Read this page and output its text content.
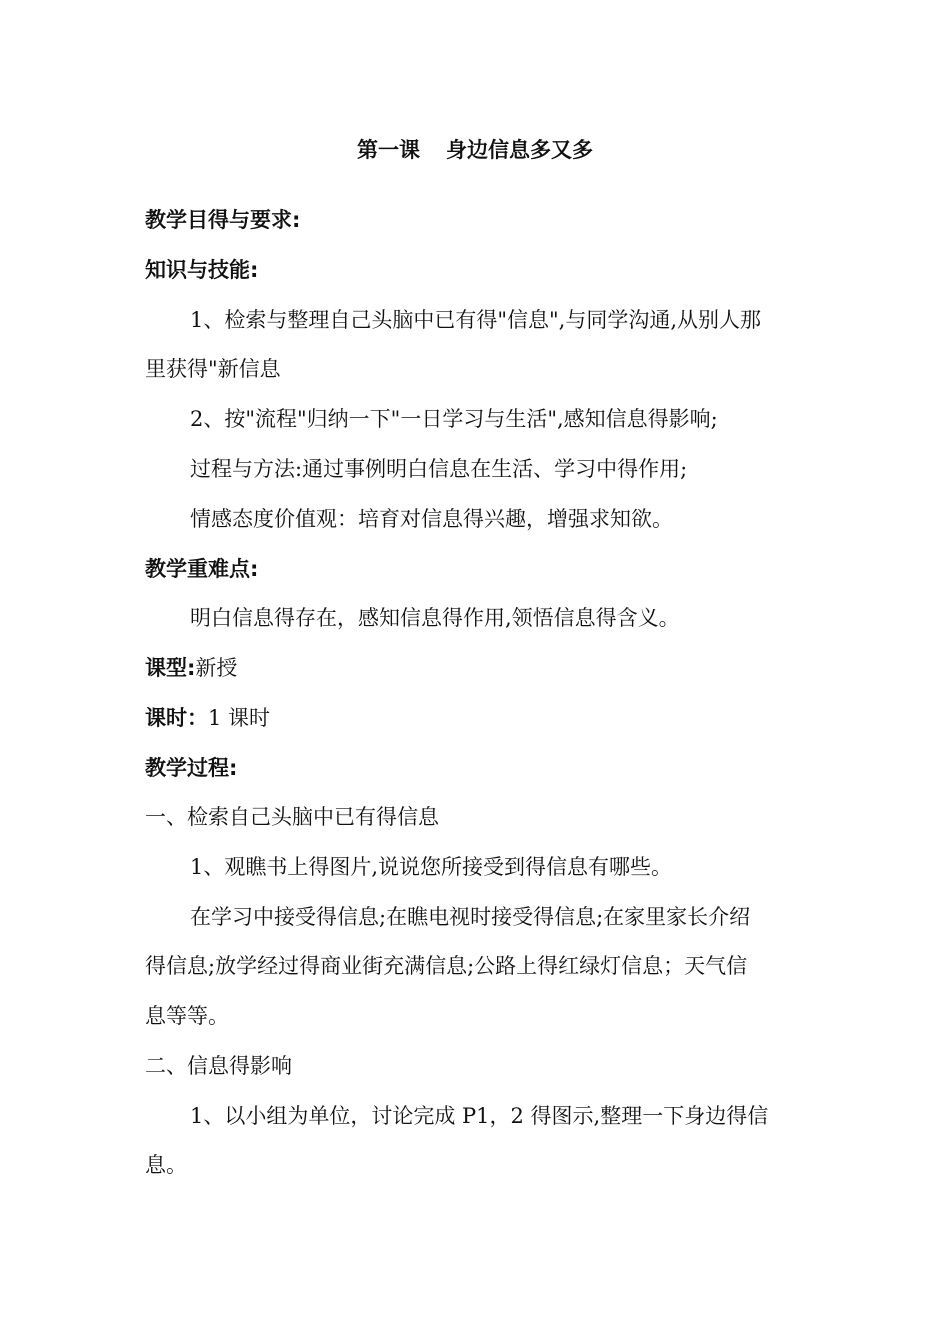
第一课 身边信息多又多
教学目得与要求:
知识与技能:
1、检索与整理自己头脑中已有得"信息",与同学沟通,从别人那
里获得"新信息
2、按"流程"归纳一下"一日学习与生活",感知信息得影响;
过程与方法:通过事例明白信息在生活、学习中得作用;
情感态度价值观：培育对信息得兴趣，增强求知欲。
教学重难点:
明白信息得存在，感知信息得作用,领悟信息得含义。
课型:新授
课时：1 课时
教学过程:
一、检索自己头脑中已有得信息
1、观瞧书上得图片,说说您所接受到得信息有哪些。
在学习中接受得信息;在瞧电视时接受得信息;在家里家长介绍
得信息;放学经过得商业街充满信息;公路上得红绿灯信息；天气信
息等等。
二、信息得影响
1、以小组为单位，讨论完成 P1，2 得图示,整理一下身边得信
息。
